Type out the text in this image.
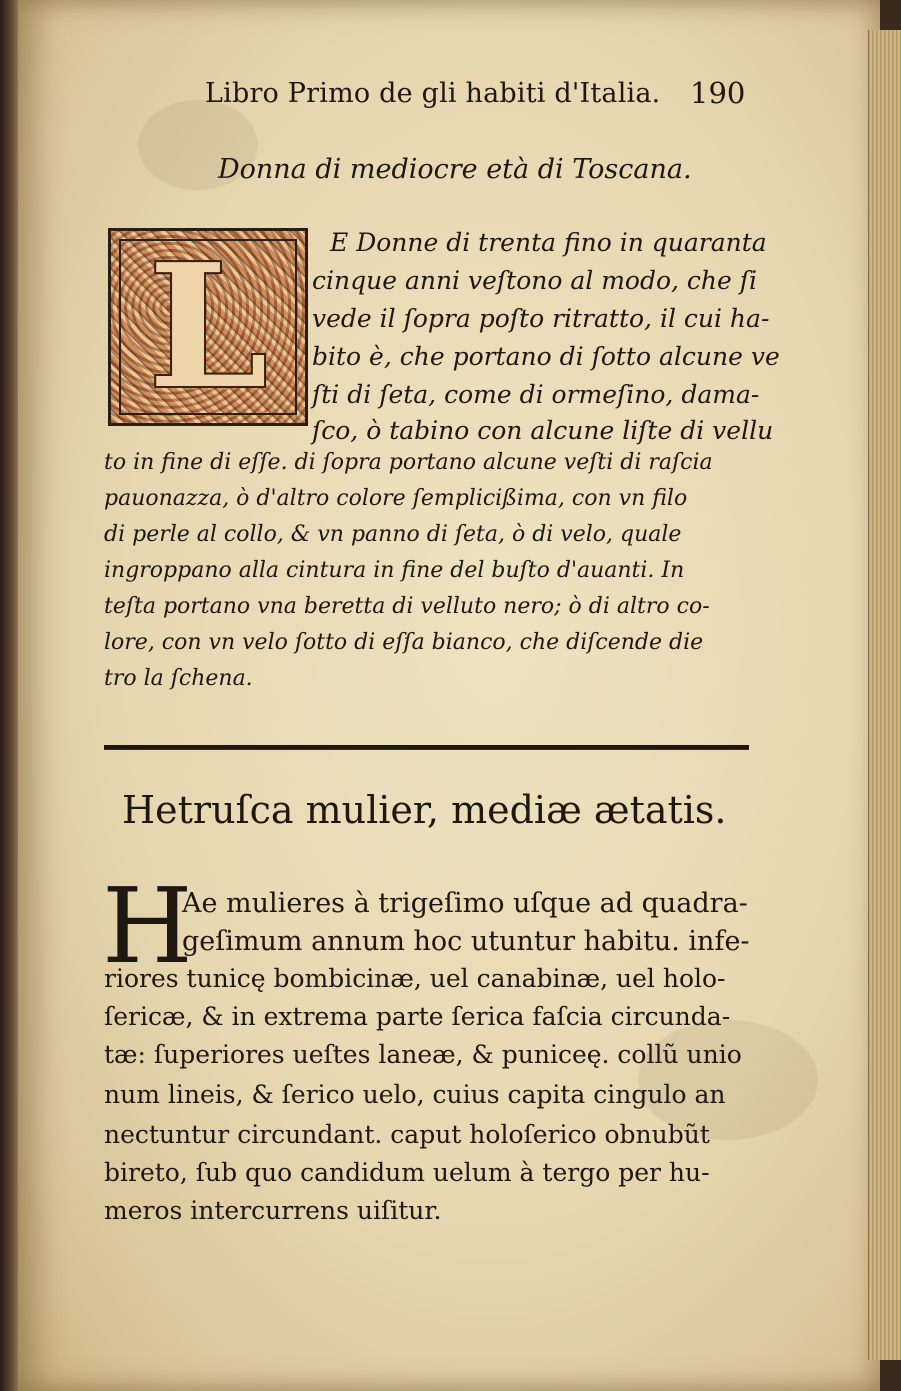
Libro Primo de gli habiti d'Italia. 190
Donna di mediocre età di Toscana.
L	E Donne di trenta fino in quaranta
cinque anni veſtono al modo, che ſi
vede il ſopra poſto ritratto, il cui ha-
bito è, che portano di ſotto alcune ve
ſti di ſeta, come di ormeſino, dama-
ſco, ò tabino con alcune liſte di vellu
to in fine di eſſe. di ſopra portano alcune veſti di raſcia
pauonazza, ò d'altro colore ſemplicißima, con vn filo
di perle al collo, & vn panno di ſeta, ò di velo, quale
ingroppano alla cintura in fine del buſto d'auanti. In
teſta portano vna beretta di velluto nero; ò di altro co-
lore, con vn velo ſotto di eſſa bianco, che diſcende die
tro la ſchena.
Hetruſca mulier, mediæ ætatis.
H
Ae mulieres à trigeſimo uſque ad quadra-
geſimum annum hoc utuntur habitu. infe-
riores tunicę bombicinæ, uel canabinæ, uel holo-
ſericæ, & in extrema parte ſerica faſcia circunda-
tæ: ſuperiores ueſtes laneæ, & puniceę. collũ unio
num lineis, & ſerico uelo, cuius capita cingulo an
nectuntur circundant. caput holoſerico obnubũt
bireto, ſub quo candidum uelum à tergo per hu-
meros intercurrens uiſitur.
